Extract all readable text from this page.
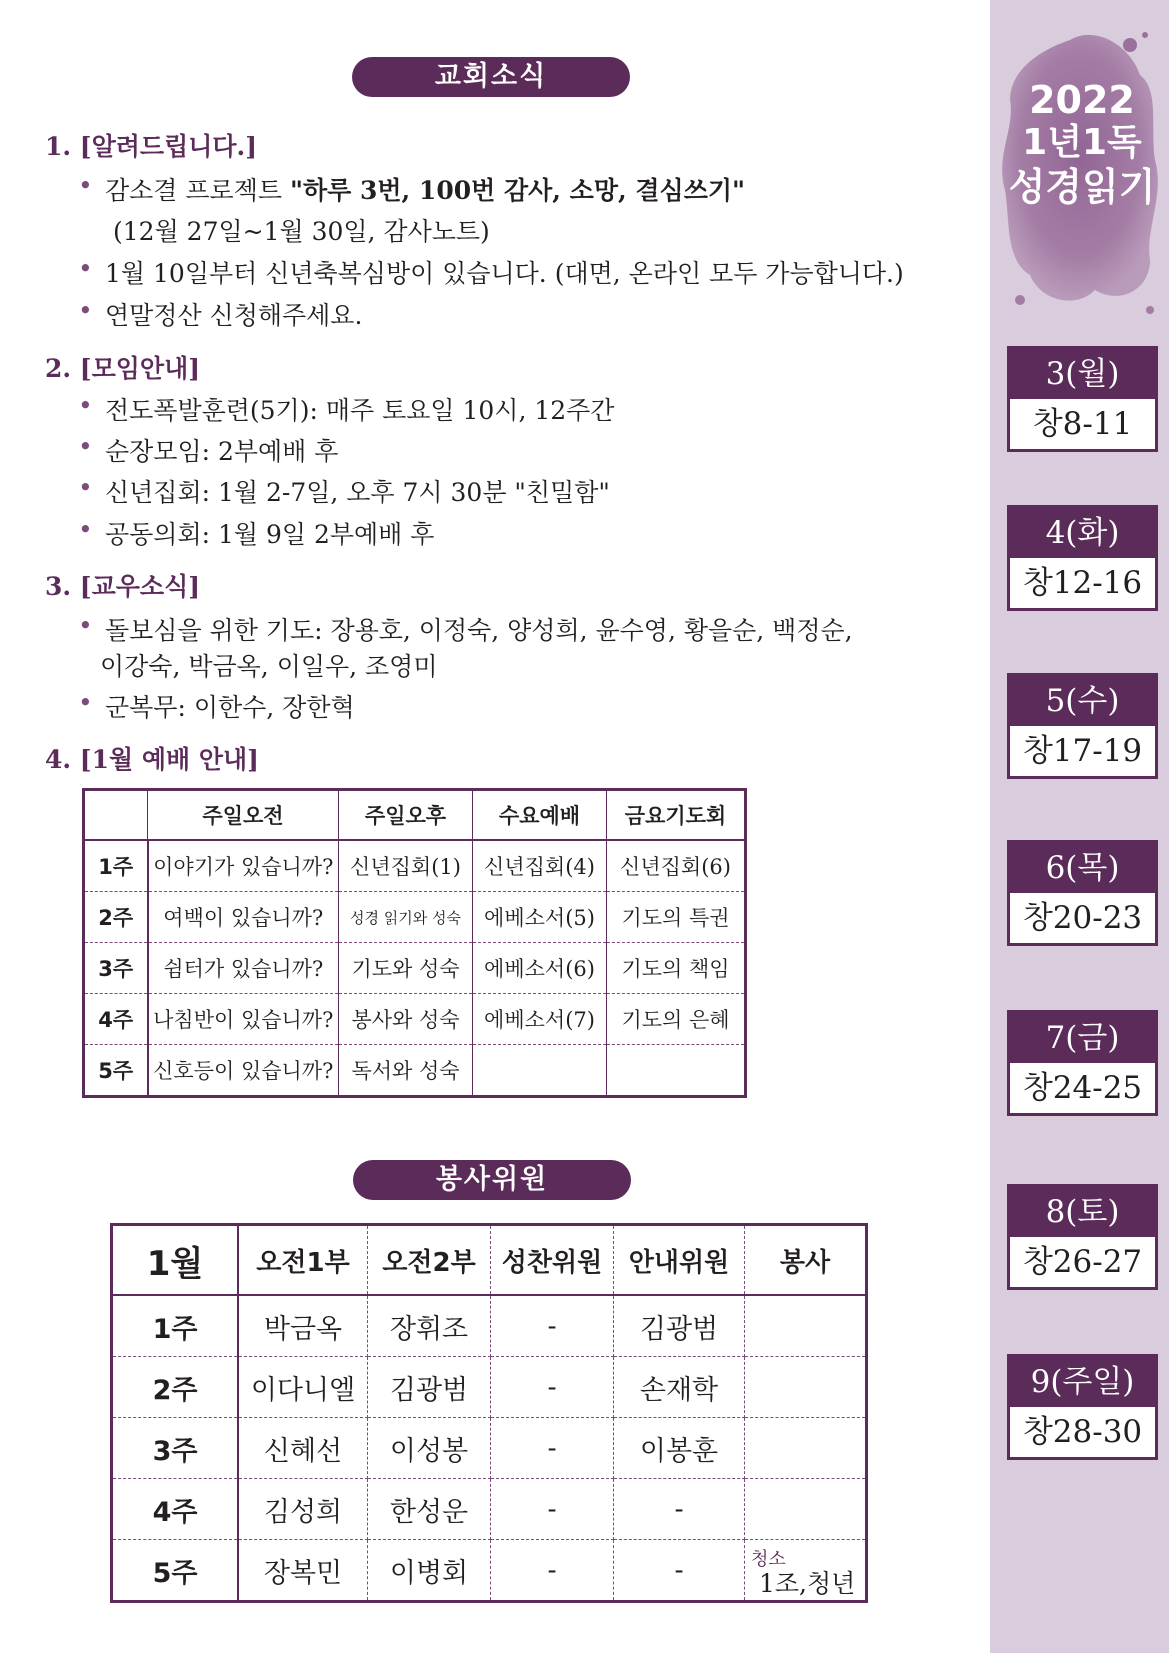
교회소식
1. [알려드립니다.]
• 감소결 프로젝트 "하루 3번, 100번 감사, 소망, 결심쓰기"
(12월 27일~1월 30일, 감사노트)
• 1월 10일부터 신년축복심방이 있습니다. (대면, 온라인 모두 가능합니다.)
• 연말정산 신청해주세요.
2. [모임안내]
• 전도폭발훈련(5기): 매주 토요일 10시, 12주간
• 순장모임: 2부예배 후
• 신년집회: 1월 2-7일, 오후 7시 30분 "친밀함"
• 공동의회: 1월 9일 2부예배 후
3. [교우소식]
• 돌보심을 위한 기도: 장용호, 이정숙, 양성희, 윤수영, 황을순, 백정순,
이강숙, 박금옥, 이일우, 조영미
• 군복무: 이한수, 장한혁
4. [1월 예배 안내]
	주일오전	주일오후	수요예배	금요기도회
1주	이야기가 있습니까?	신년집회(1)	신년집회(4)	신년집회(6)
2주	여백이 있습니까?	성경 읽기와 성숙	에베소서(5)	기도의 특권
3주	쉼터가 있습니까?	기도와 성숙	에베소서(6)	기도의 책임
4주	나침반이 있습니까?	봉사와 성숙	에베소서(7)	기도의 은혜
5주	신호등이 있습니까?	독서와 성숙		
봉사위원
1월	오전1부	오전2부	성찬위원	안내위원	봉사
1주	박금옥	장휘조	-	김광범	
2주	이다니엘	김광범	-	손재학	
3주	신혜선	이성봉	-	이봉훈	
4주	김성희	한성운	-	-	
5주	장복민	이병회	-	-	청소
1조,청년
2022
1년1독
성경읽기
3(월)
창8-11
4(화)
창12-16
5(수)
창17-19
6(목)
창20-23
7(금)
창24-25
8(토)
창26-27
9(주일)
창28-30
